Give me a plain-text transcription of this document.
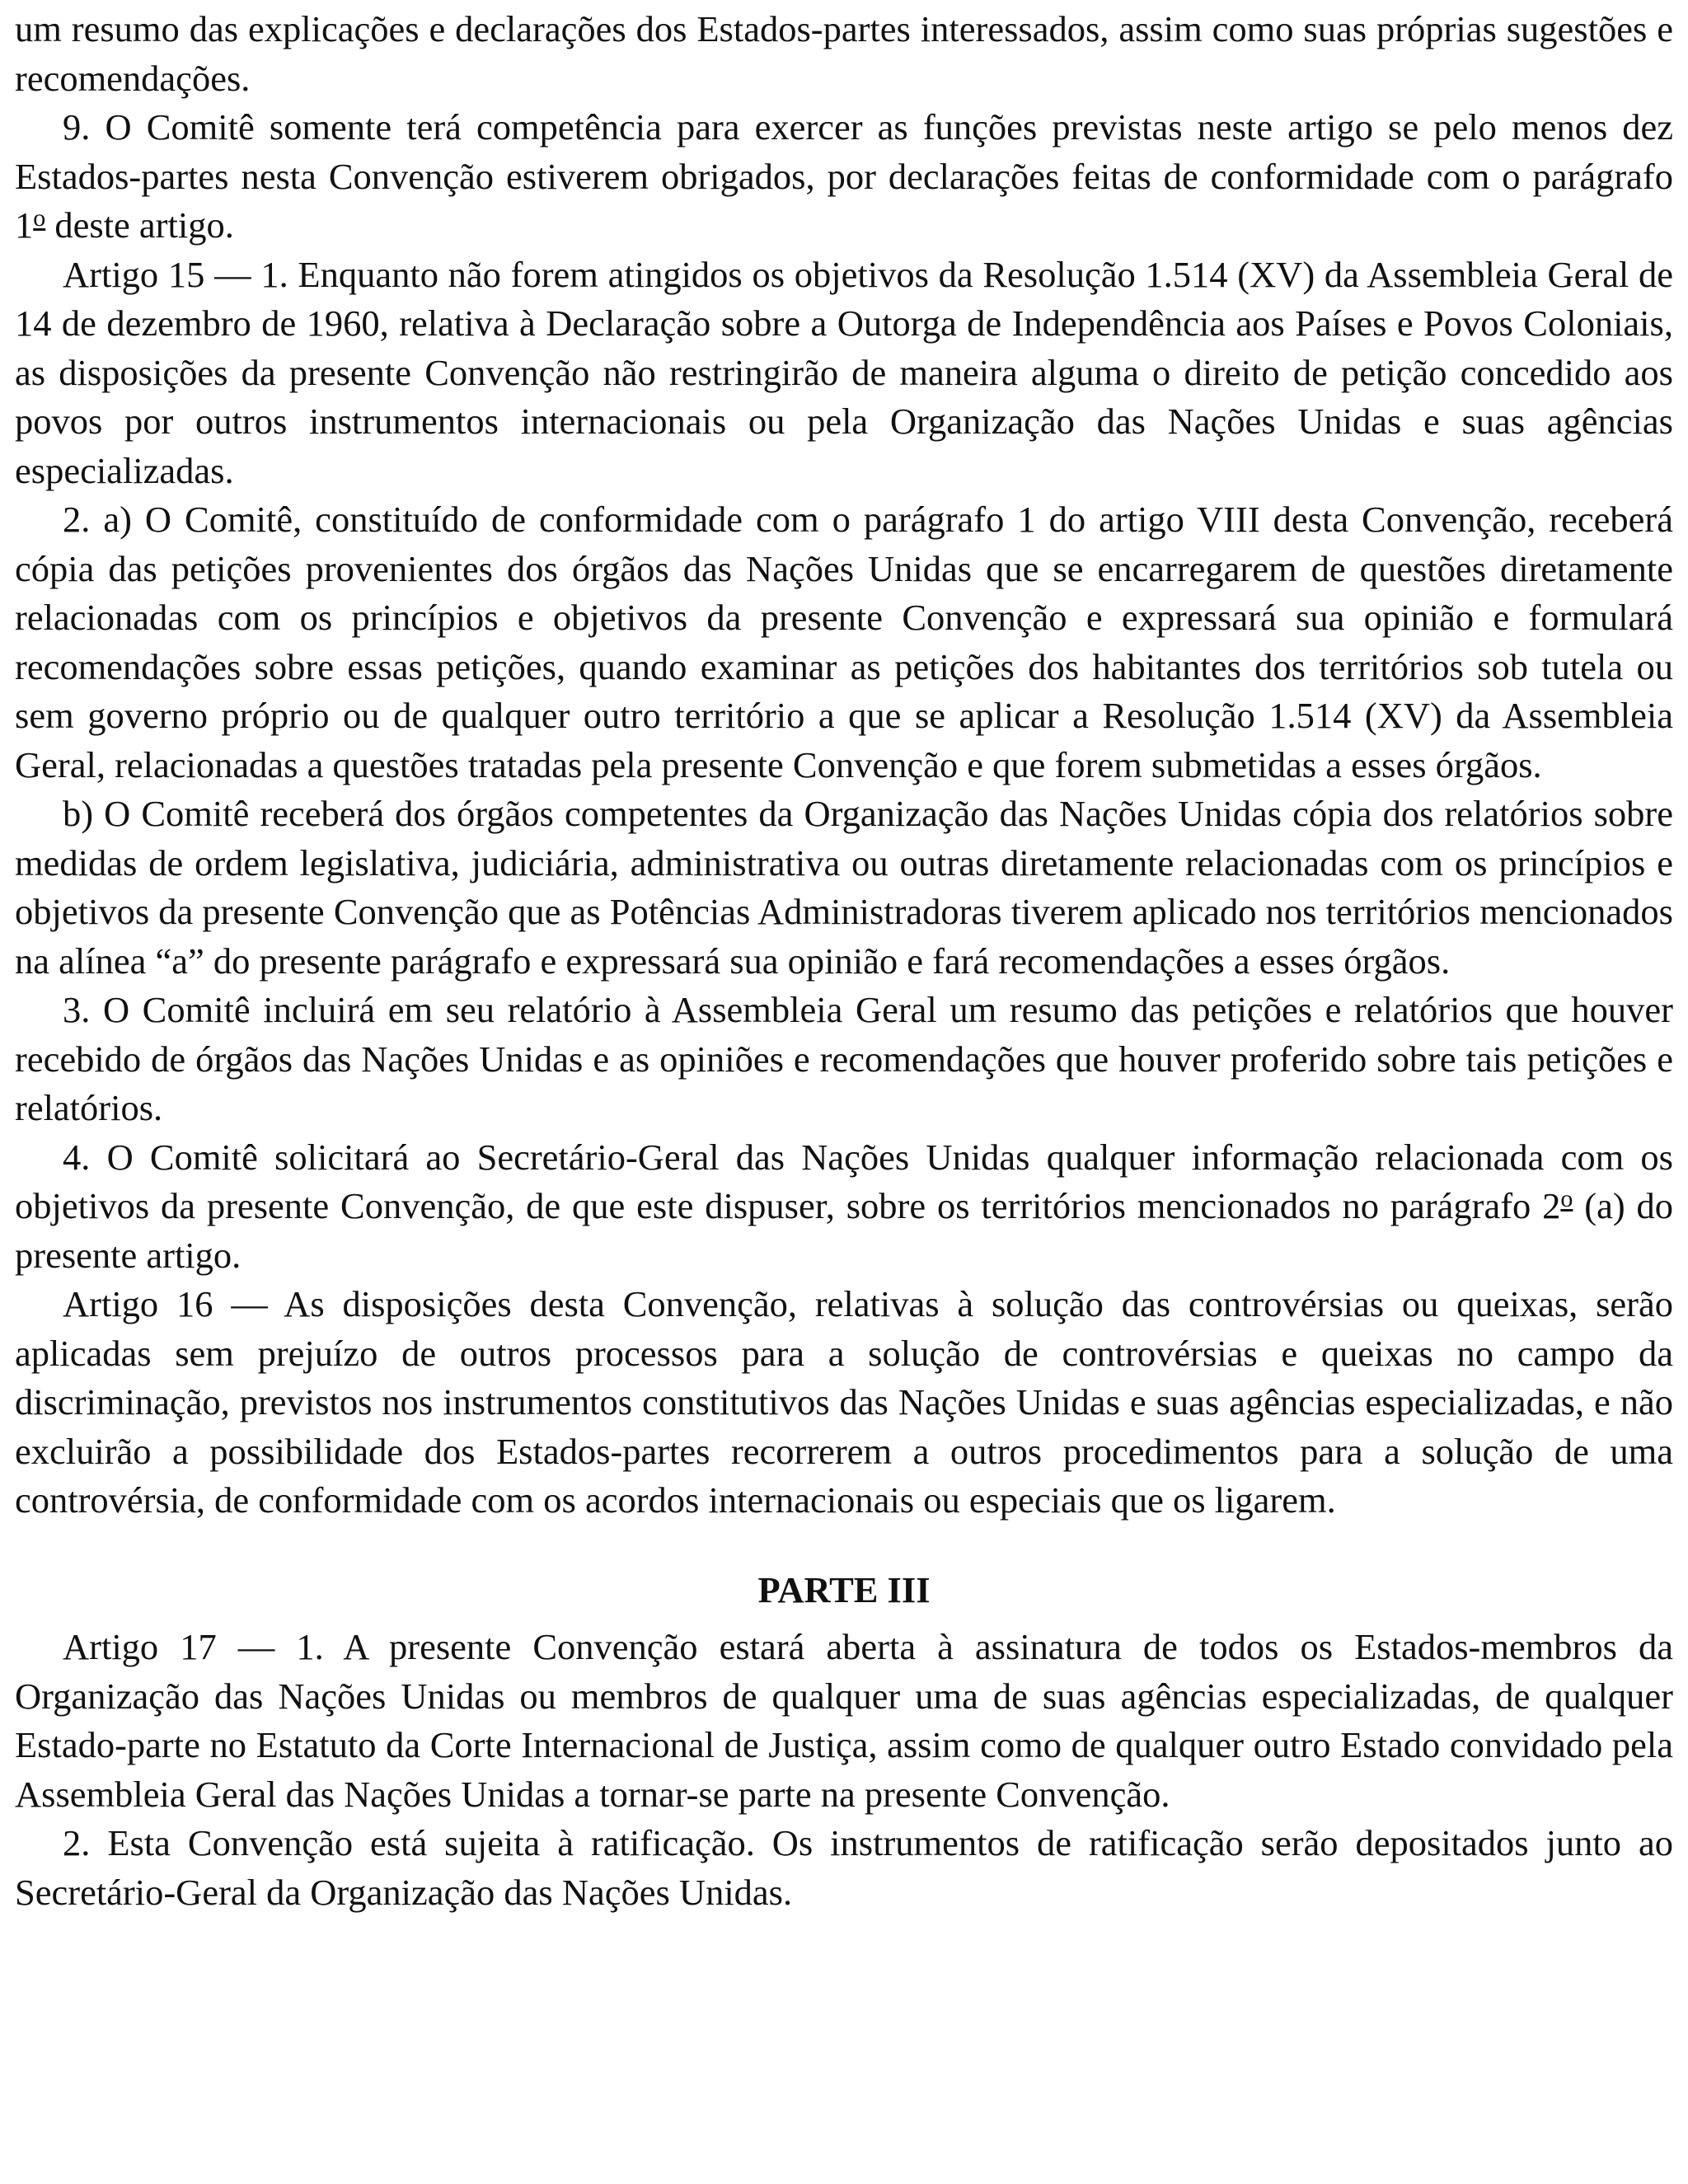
um resumo das explicações e declarações dos Estados-partes interessados, assim como suas próprias sugestões e recomendações.

9. O Comitê somente terá competência para exercer as funções previstas neste artigo se pelo menos dez Estados-partes nesta Convenção estiverem obrigados, por declarações feitas de conformidade com o parágrafo 1$^o$ deste artigo.

Artigo 15 — 1. Enquanto não forem atingidos os objetivos da Resolução 1.514 (XV) da Assembleia Geral de 14 de dezembro de 1960, relativa à Declaração sobre a Outorga de Independência aos Países e Povos Coloniais, as disposições da presente Convenção não restringirão de maneira alguma o direito de petição concedido aos povos por outros instrumentos internacionais ou pela Organização das Nações Unidas e suas agências especializadas.

2. a) O Comitê, constituído de conformidade com o parágrafo 1 do artigo VIII desta Convenção, receberá cópia das petições provenientes dos órgãos das Nações Unidas que se encarregarem de questões diretamente relacionadas com os princípios e objetivos da presente Convenção e expressará sua opinião e formulará recomendações sobre essas petições, quando examinar as petições dos habitantes dos territórios sob tutela ou sem governo próprio ou de qualquer outro território a que se aplicar a Resolução 1.514 (XV) da Assembleia Geral, relacionadas a questões tratadas pela presente Convenção e que forem submetidas a esses órgãos.

b) O Comitê receberá dos órgãos competentes da Organização das Nações Unidas cópia dos relatórios sobre medidas de ordem legislativa, judiciária, administrativa ou outras diretamente relacionadas com os princípios e objetivos da presente Convenção que as Potências Administradoras tiverem aplicado nos territórios mencionados na alínea “a” do presente parágrafo e expressará sua opinião e fará recomendações a esses órgãos.

3. O Comitê incluirá em seu relatório à Assembleia Geral um resumo das petições e relatórios que houver recebido de órgãos das Nações Unidas e as opiniões e recomendações que houver proferido sobre tais petições e relatórios.

4. O Comitê solicitará ao Secretário-Geral das Nações Unidas qualquer informação relacionada com os objetivos da presente Convenção, de que este dispuser, sobre os territórios mencionados no parágrafo 2$^o$ (a) do presente artigo.

Artigo 16 — As disposições desta Convenção, relativas à solução das controvérsias ou queixas, serão aplicadas sem prejuízo de outros processos para a solução de controvérsias e queixas no campo da discriminação, previstos nos instrumentos constitutivos das Nações Unidas e suas agências especializadas, e não excluirão a possibilidade dos Estados-partes recorrerem a outros procedimentos para a solução de uma controvérsia, de conformidade com os acordos internacionais ou especiais que os ligarem.

PARTE III

Artigo 17 — 1. A presente Convenção estará aberta à assinatura de todos os Estados-membros da Organização das Nações Unidas ou membros de qualquer uma de suas agências especializadas, de qualquer Estado-parte no Estatuto da Corte Internacional de Justiça, assim como de qualquer outro Estado convidado pela Assembleia Geral das Nações Unidas a tornar-se parte na presente Convenção.

2. Esta Convenção está sujeita à ratificação. Os instrumentos de ratificação serão depositados junto ao Secretário-Geral da Organização das Nações Unidas.
